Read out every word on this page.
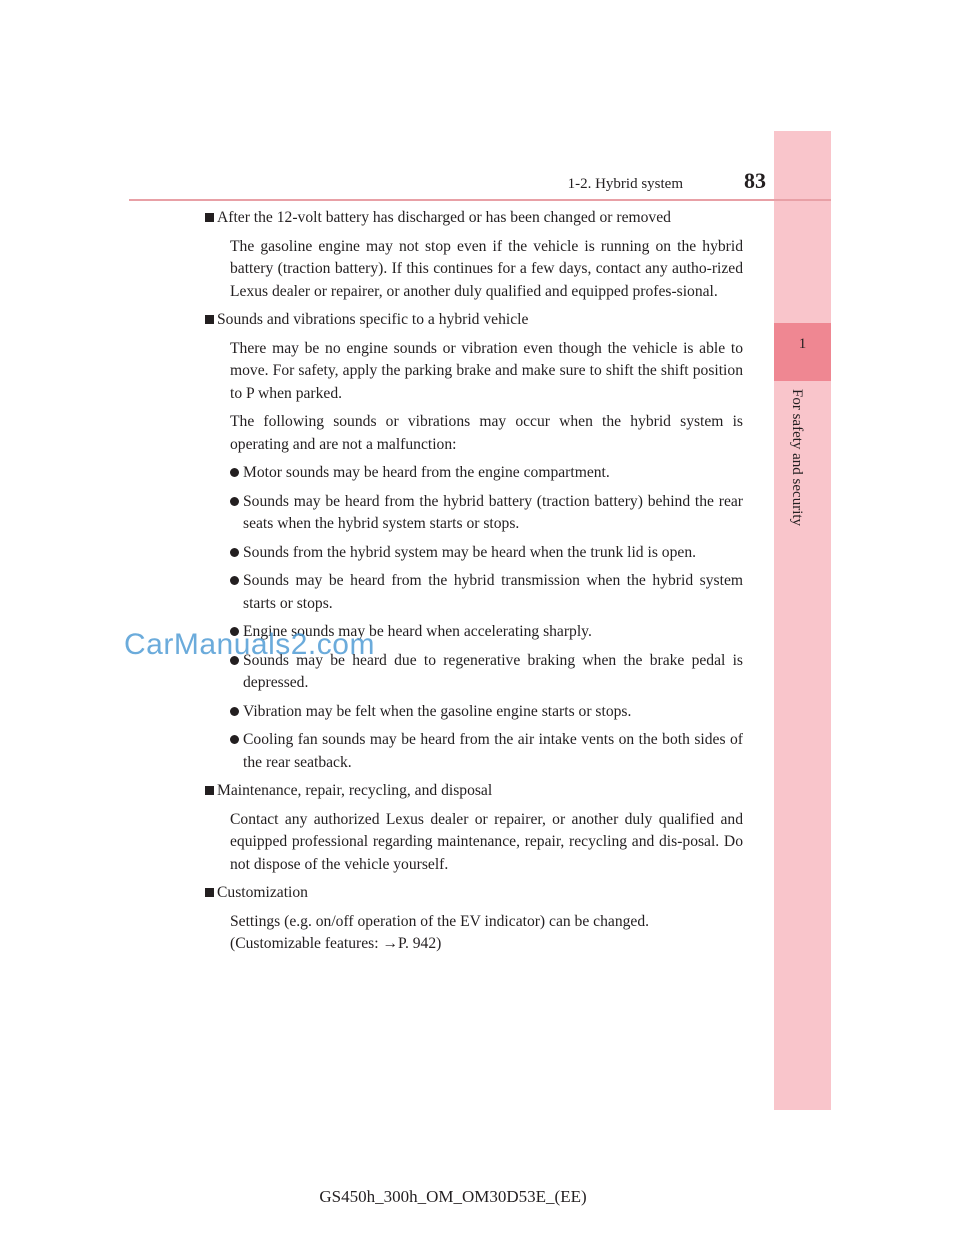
1
For safety and security
1-2. Hybrid system	83
After the 12-volt battery has discharged or has been changed or removed
The gasoline engine may not stop even if the vehicle is running on the hybrid battery (traction battery). If this continues for a few days, contact any autho-rized Lexus dealer or repairer, or another duly qualified and equipped profes-sional.
Sounds and vibrations specific to a hybrid vehicle
There may be no engine sounds or vibration even though the vehicle is able to move. For safety, apply the parking brake and make sure to shift the shift position to P when parked.
The following sounds or vibrations may occur when the hybrid system is operating and are not a malfunction:
Motor sounds may be heard from the engine compartment.
Sounds may be heard from the hybrid battery (traction battery) behind the rear seats when the hybrid system starts or stops.
Sounds from the hybrid system may be heard when the trunk lid is open.
Sounds may be heard from the hybrid transmission when the hybrid system starts or stops.
Engine sounds may be heard when accelerating sharply.
Sounds may be heard due to regenerative braking when the brake pedal is depressed.
Vibration may be felt when the gasoline engine starts or stops.
Cooling fan sounds may be heard from the air intake vents on the both sides of the rear seatback.
Maintenance, repair, recycling, and disposal
Contact any authorized Lexus dealer or repairer, or another duly qualified and equipped professional regarding maintenance, repair, recycling and dis-posal. Do not dispose of the vehicle yourself.
Customization
Settings (e.g. on/off operation of the EV indicator) can be changed.
(Customizable features: →P. 942)
CarManuals2.com
GS450h_300h_OM_OM30D53E_(EE)
